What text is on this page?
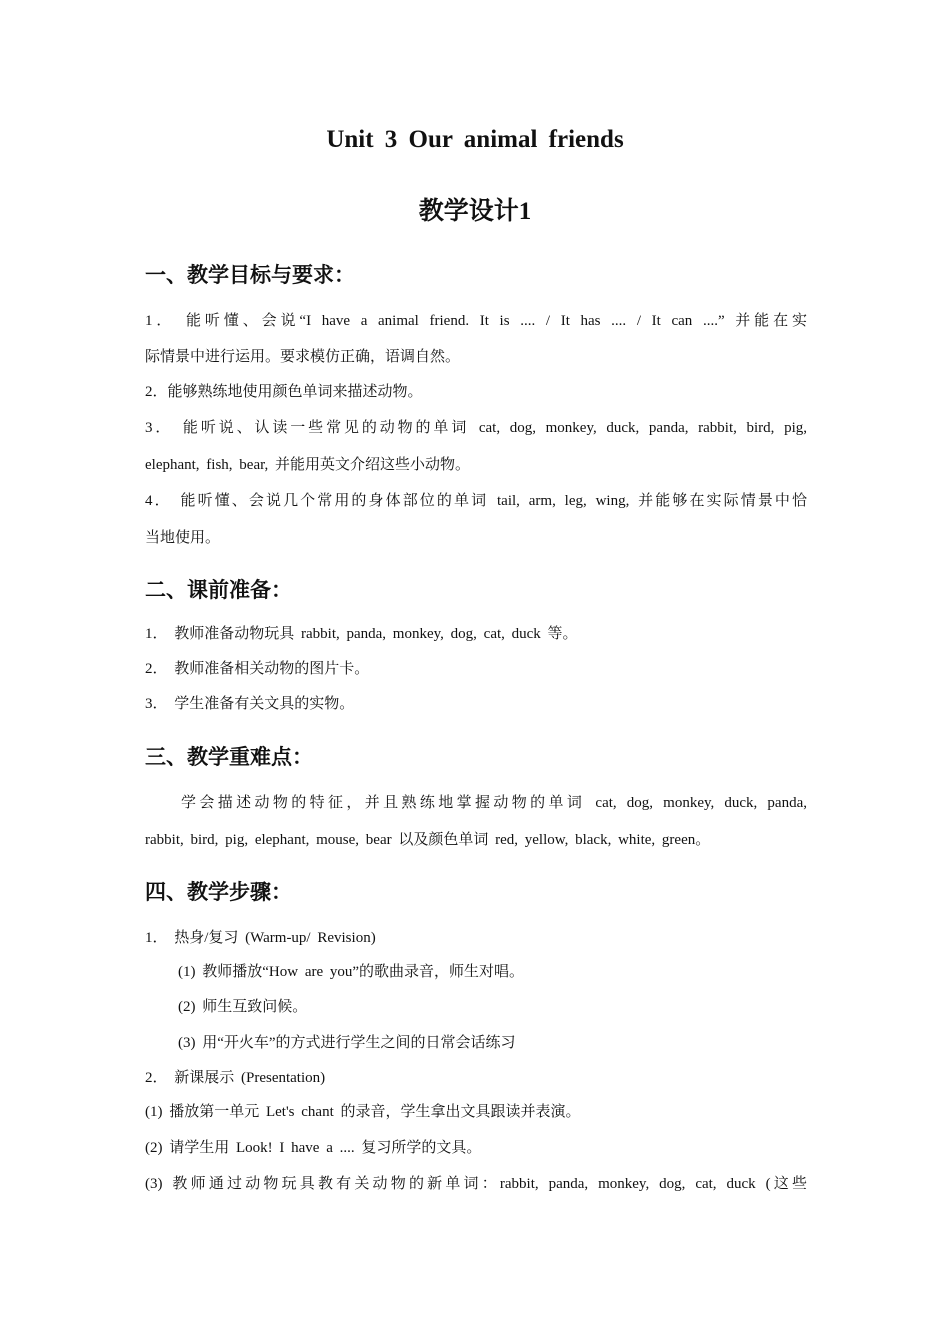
Unit 3 Our animal friends
教学设计1
一、教学目标与要求：
1． 能听懂、会说“I have a animal friend. It is .... / It has .... / It can ....” 并能在实
际情景中进行运用。要求模仿正确，语调自然。
2．能够熟练地使用颜色单词来描述动物。
3． 能听说、认读一些常见的动物的单词 cat, dog, monkey, duck, panda, rabbit, bird, pig,
elephant, fish, bear, 并能用英文介绍这些小动物。
4． 能听懂、会说几个常用的身体部位的单词 tail, arm, leg, wing, 并能够在实际情景中恰
当地使用。
二、课前准备：
1． 教师准备动物玩具 rabbit, panda, monkey, dog, cat, duck 等。
2． 教师准备相关动物的图片卡。
3． 学生准备有关文具的实物。
三、教学重难点：
学会描述动物的特征，并且熟练地掌握动物的单词 cat, dog, monkey, duck, panda,
rabbit, bird, pig, elephant, mouse, bear 以及颜色单词 red, yellow, black, white, green。
四、教学步骤：
1． 热身/复习 (Warm-up/ Revision)
(1) 教师播放“How are you”的歌曲录音，师生对唱。
(2) 师生互致问候。
(3) 用“开火车”的方式进行学生之间的日常会话练习
2． 新课展示 (Presentation)
(1) 播放第一单元 Let's chant 的录音，学生拿出文具跟读并表演。
(2) 请学生用 Look! I have a .... 复习所学的文具。
(3) 教师通过动物玩具教有关动物的新单词：rabbit, panda, monkey, dog, cat, duck (这些
